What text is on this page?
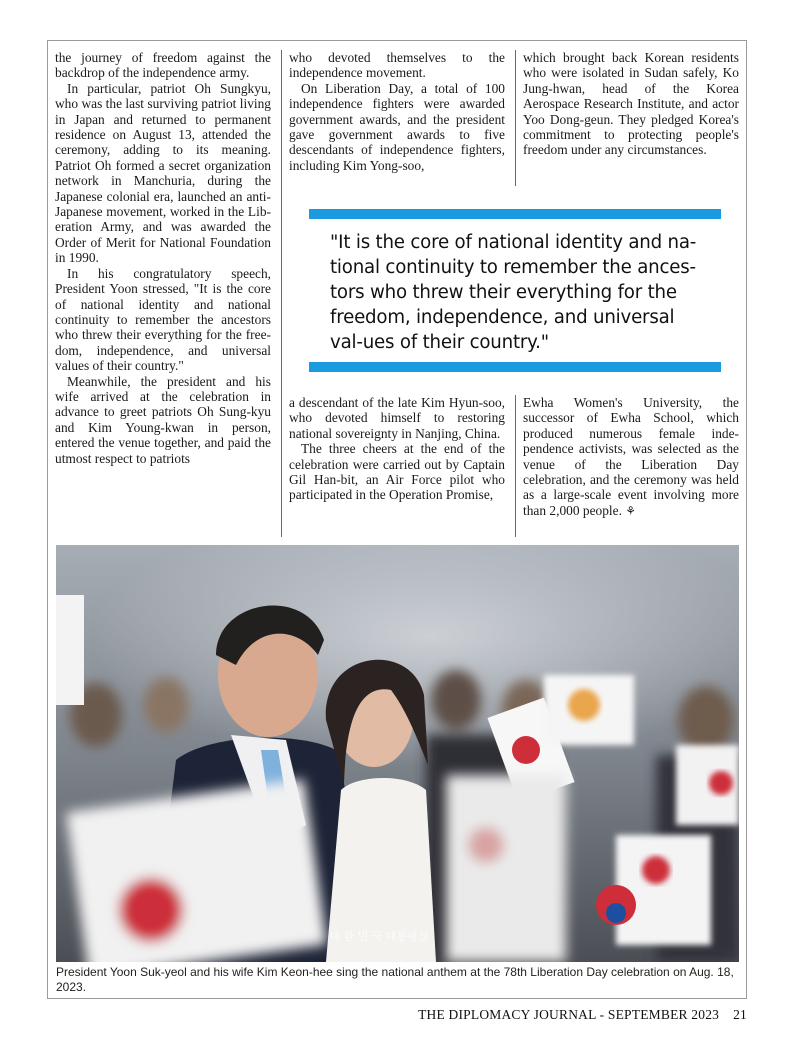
the journey of freedom against the backdrop of the independence army.

In particular, patriot Oh Sungkyu, who was the last surviving patriot living in Japan and returned to permanent residence on August 13, attended the ceremony, adding to its meaning. Patriot Oh formed a secret organization network in Manchuria, during the Japanese colonial era, launched an anti-Japanese movement, worked in the Liberation Army, and was awarded the Order of Merit for National Foundation in 1990.

In his congratulatory speech, President Yoon stressed, "It is the core of national identity and national continuity to remember the ancestors who threw their everything for the freedom, independence, and universal values of their country."

Meanwhile, the president and his wife arrived at the celebration in advance to greet patriots Oh Sung-kyu and Kim Young-kwan in person, entered the venue together, and paid the utmost respect to patriots

who devoted themselves to the independence movement.

On Liberation Day, a total of 100 independence fighters were awarded government awards, and the president gave government awards to five descendants of independence fighters, including Kim Yong-soo,

which brought back Korean residents who were isolated in Sudan safely, Ko Jung-hwan, head of the Korea Aerospace Research Institute, and actor Yoo Dong-geun. They pledged Korea's commitment to protecting people's freedom under any circumstances.

"It is the core of national identity and na-tional continuity to remember the ances-tors who threw their everything for the freedom, independence, and universal val-ues of their country."

a descendant of the late Kim Hyun-soo, who devoted himself to restoring national sovereignty in Nanjing, China.

The three cheers at the end of the celebration were carried out by Captain Gil Han-bit, an Air Force pilot who participated in the Operation Promise,

Ewha Women's University, the successor of Ewha School, which produced numerous female independence activists, was selected as the venue of the Liberation Day celebration, and the ceremony was held as a large-scale event involving more than 2,000 people. ⚘

대 한 민 국 대통령실
President Yoon Suk-yeol and his wife Kim Keon-hee sing the national anthem at the 78th Liberation Day celebration on Aug. 18, 2023.
THE DIPLOMACY JOURNAL - SEPTEMBER 2023 21
